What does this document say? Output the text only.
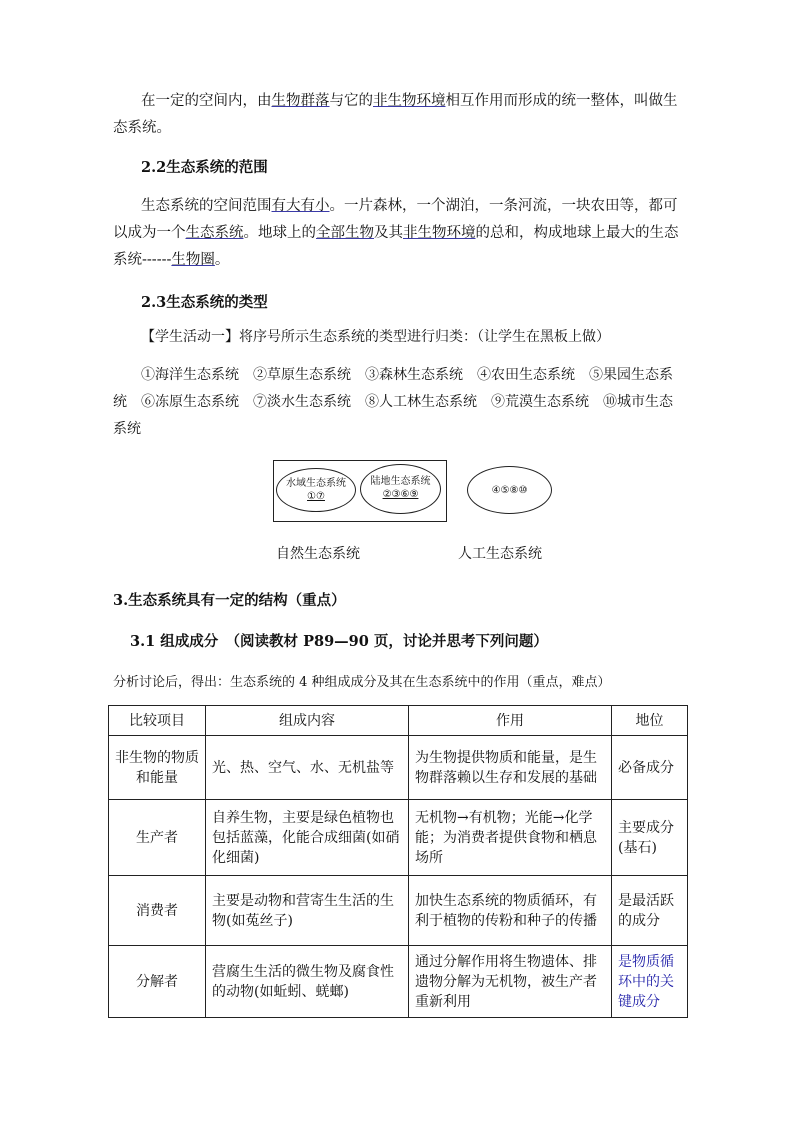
在一定的空间内，由生物群落与它的非生物环境相互作用而形成的统一整体，叫做生态系统。
2.2生态系统的范围
生态系统的空间范围有大有小。一片森林，一个湖泊，一条河流，一块农田等，都可以成为一个生态系统。地球上的全部生物及其非生物环境的总和，构成地球上最大的生态系统------生物圈。
2.3生态系统的类型
【学生活动一】将序号所示生态系统的类型进行归类：（让学生在黑板上做）
①海洋生态系统　②草原生态系统　③森林生态系统　④农田生态系统　⑤果园生态系统　⑥冻原生态系统　⑦淡水生态系统　⑧人工林生态系统　⑨荒漠生态系统　⑩城市生态系统
水域生态系统
①⑦
陆地生态系统
②③⑥⑨	④⑤⑧⑩
自然生态系统	人工生态系统
3.生态系统具有一定的结构（重点）
3.1 组成成分　（阅读教材 P89—90 页，讨论并思考下列问题）
分析讨论后，得出：生态系统的 4 种组成成分及其在生态系统中的作用（重点，难点）
比较项目	组成内容	作用	地位
非生物的物质和能量	光、热、空气、水、无机盐等	为生物提供物质和能量，是生物群落赖以生存和发展的基础	必备成分
生产者	自养生物，主要是绿色植物也包括蓝藻，化能合成细菌(如硝化细菌)	无机物→有机物；光能→化学能；为消费者提供食物和栖息场所	主要成分(基石)
消费者	主要是动物和营寄生生活的生物(如菟丝子)	加快生态系统的物质循环，有利于植物的传粉和种子的传播	是最活跃的成分
分解者	营腐生生活的微生物及腐食性的动物(如蚯蚓、蜣螂)	通过分解作用将生物遗体、排遗物分解为无机物，被生产者重新利用	是物质循环中的关键成分
